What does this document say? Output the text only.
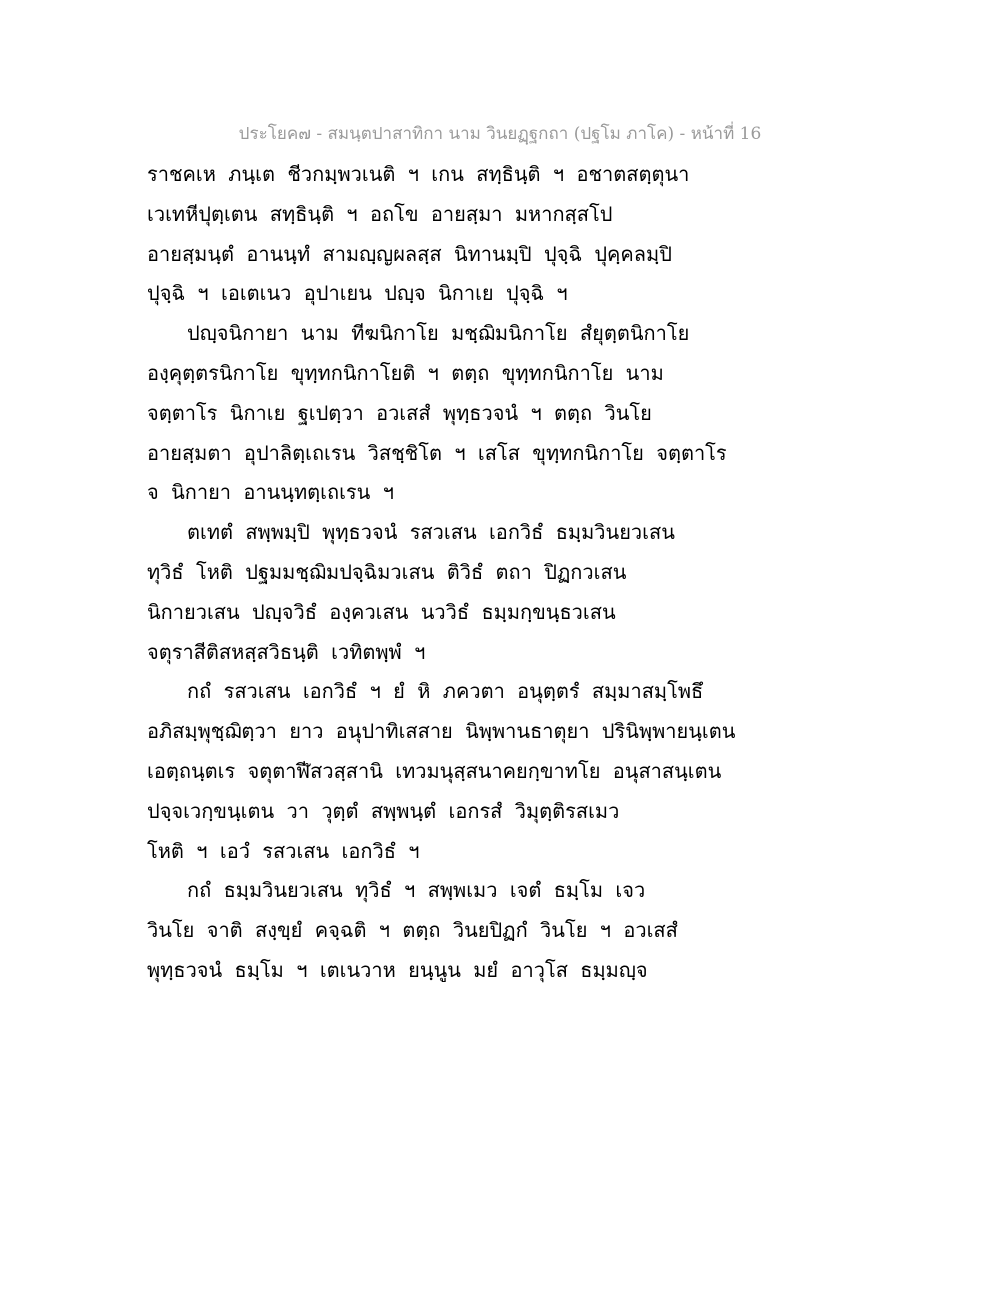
ประโยค๗ - สมนฺตปาสาทิกา นาม วินยฏฺฐกถา (ปฐโม ภาโค) - หน้าที่ 16
ราชคเห ภนฺเต ชีวกมฺพวเนติ ฯ เกน สทฺธินฺติ ฯ อชาตสตฺตุนา
เวเทหีปุตฺเตน สทฺธินฺติ ฯ อถโข อายสฺมา มหากสฺสโป
อายสฺมนฺตํ อานนฺทํ สามญฺญผลสฺส นิทานมฺปิ ปุจฺฉิ ปุคฺคลมฺปิ
ปุจฺฉิ ฯ เอเตเนว อุปาเยน ปญฺจ นิกาเย ปุจฺฉิ ฯ
ปญฺจนิกายา นาม ทีฆนิกาโย มชฺฌิมนิกาโย สํยุตฺตนิกาโย
องฺคุตฺตรนิกาโย ขุทฺทกนิกาโยติ ฯ ตตฺถ ขุทฺทกนิกาโย นาม
จตฺตาโร นิกาเย ฐเปตฺวา อวเสสํ พุทฺธวจนํ ฯ ตตฺถ วินโย
อายสฺมตา อุปาลิตฺเถเรน วิสชฺชิโต ฯ เสโส ขุทฺทกนิกาโย จตฺตาโร
จ นิกายา อานนฺทตฺเถเรน ฯ
ตเทตํ สพฺพมฺปิ พุทฺธวจนํ รสวเสน เอกวิธํ ธมฺมวินยวเสน
ทุวิธํ โหติ ปฐมมชฺฌิมปจฺฉิมวเสน ติวิธํ ตถา ปิฏกวเสน
นิกายวเสน ปญฺจวิธํ องฺควเสน นววิธํ ธมฺมกฺขนฺธวเสน
จตุราสีติสหสฺสวิธนฺติ เวทิตพฺพํ ฯ
กถํ รสวเสน เอกวิธํ ฯ ยํ หิ ภควตา อนุตฺตรํ สมฺมาสมฺโพธึ
อภิสมฺพุชฺฌิตฺวา ยาว อนุปาทิเสสาย นิพฺพานธาตุยา ปรินิพฺพายนฺเตน
เอตฺถนฺตเร จตุตาฬีสวสฺสานิ เทวมนุสฺสนาคยกฺขาทโย อนุสาสนฺเตน
ปจฺจเวกฺขนฺเตน วา วุตฺตํ สพฺพนฺตํ เอกรสํ วิมุตฺติรสเมว
โหติ ฯ เอวํ รสวเสน เอกวิธํ ฯ
กถํ ธมฺมวินยวเสน ทุวิธํ ฯ สพฺพเมว เจตํ ธมฺโม เจว
วินโย จาติ สงฺขฺยํ คจฺฉติ ฯ ตตฺถ วินยปิฏกํ วินโย ฯ อวเสสํ
พุทฺธวจนํ ธมฺโม ฯ เตเนวาห ยนฺนูน มยํ อาวุโส ธมฺมญฺจ
